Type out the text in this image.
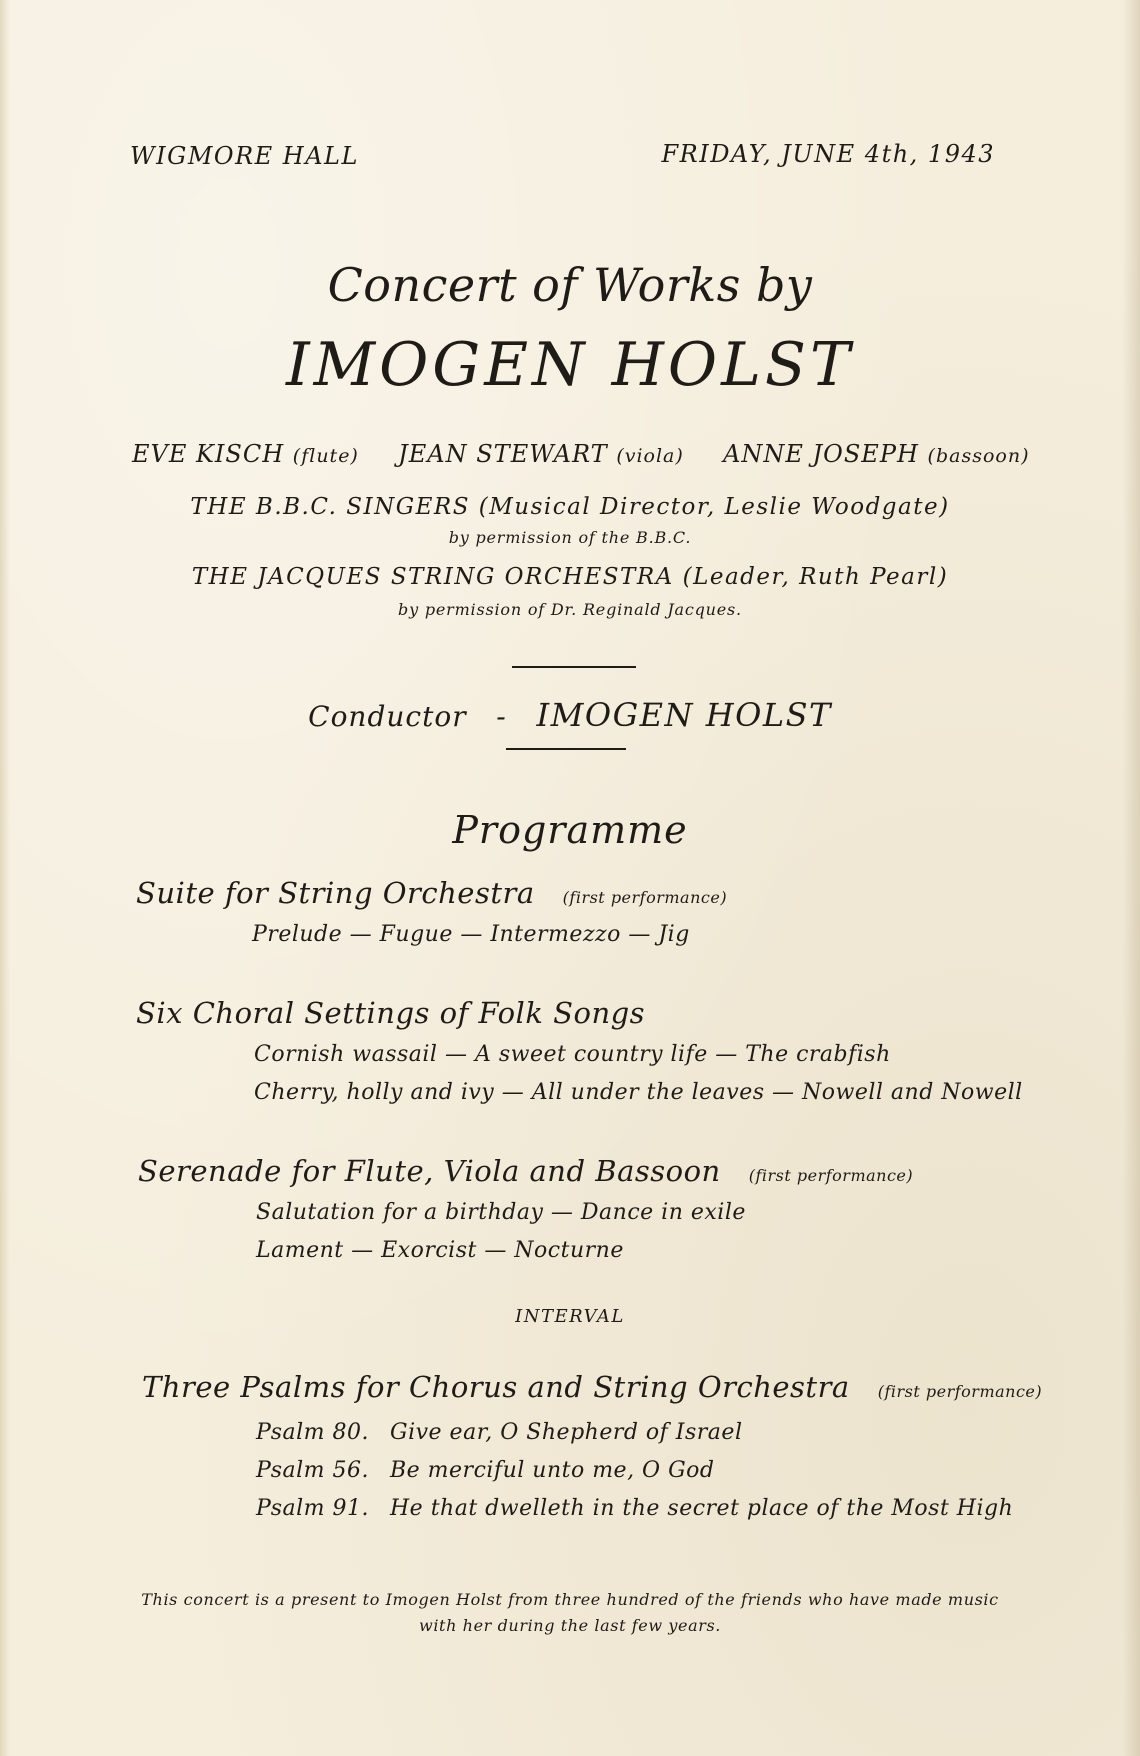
WIGMORE HALL	FRIDAY, JUNE 4th, 1943
Concert of Works by
IMOGEN HOLST
EVE KISCH (flute) JEAN STEWART (viola) ANNE JOSEPH (bassoon)
THE B.B.C. SINGERS (Musical Director, Leslie Woodgate)
by permission of the B.B.C.
THE JACQUES STRING ORCHESTRA (Leader, Ruth Pearl)
by permission of Dr. Reginald Jacques.
Conductor - IMOGEN HOLST
Programme
Suite for String Orchestra (first performance)
Prelude — Fugue — Intermezzo — Jig
Six Choral Settings of Folk Songs
Cornish wassail — A sweet country life — The crabfish
Cherry, holly and ivy — All under the leaves — Nowell and Nowell
Serenade for Flute, Viola and Bassoon (first performance)
Salutation for a birthday — Dance in exile
Lament — Exorcist — Nocturne
INTERVAL
Three Psalms for Chorus and String Orchestra (first performance)
Psalm 80. Give ear, O Shepherd of Israel
Psalm 56. Be merciful unto me, O God
Psalm 91. He that dwelleth in the secret place of the Most High
This concert is a present to Imogen Holst from three hundred of the friends who have made music
with her during the last few years.
